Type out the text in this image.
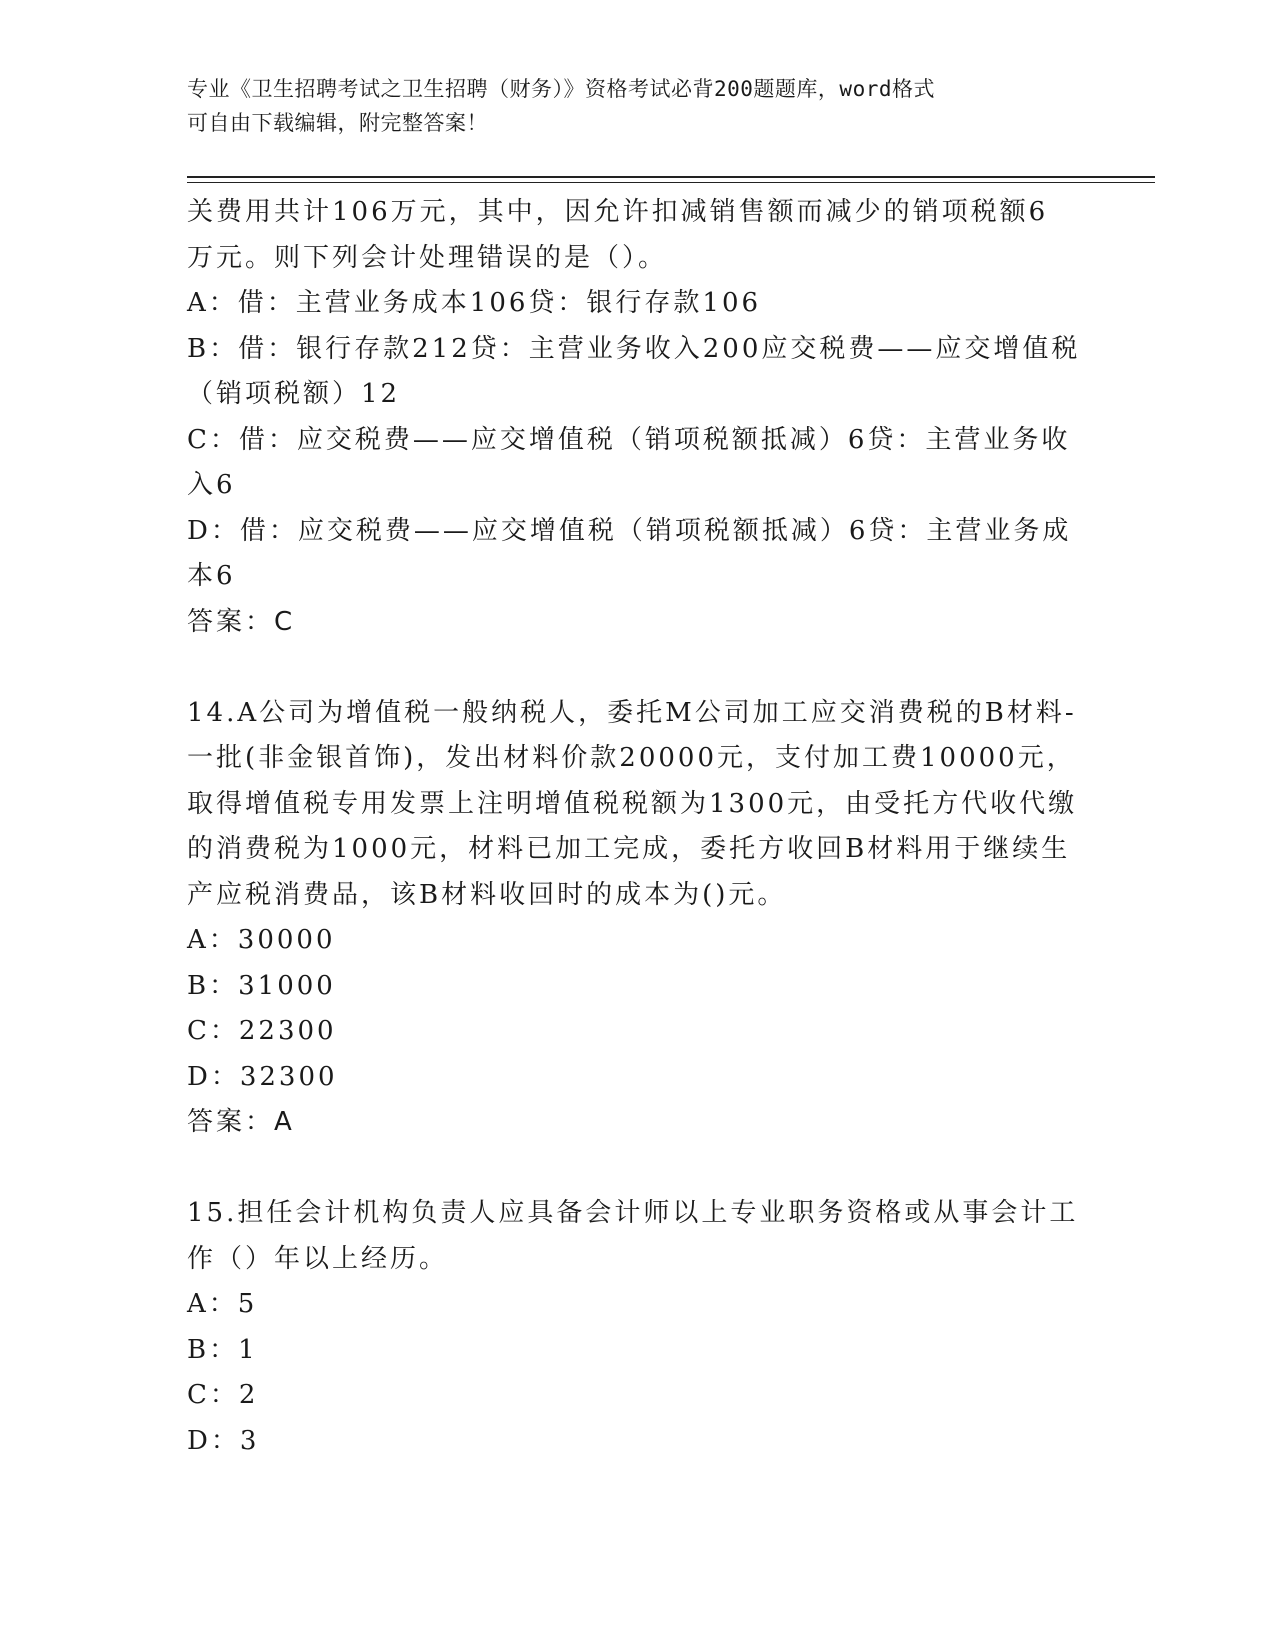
专业《卫生招聘考试之卫生招聘（财务）》资格考试必背200题题库，word格式
可自由下载编辑，附完整答案！

关费用共计106万元，其中，因允许扣减销售额而减少的销项税额6

万元。则下列会计处理错误的是（）。

A：借：主营业务成本106贷：银行存款106

B：借：银行存款212贷：主营业务收入200应交税费——应交增值税

（销项税额）12

C：借：应交税费——应交增值税（销项税额抵减）6贷：主营业务收

入6

D：借：应交税费——应交增值税（销项税额抵减）6贷：主营业务成

本6

答案：C

14.A公司为增值税一般纳税人，委托M公司加工应交消费税的B材料-

一批(非金银首饰)，发出材料价款20000元，支付加工费10000元，

取得增值税专用发票上注明增值税税额为1300元，由受托方代收代缴

的消费税为1000元，材料已加工完成，委托方收回B材料用于继续生

产应税消费品，该B材料收回时的成本为()元。

A：30000

B：31000

C：22300

D：32300

答案：A

15.担任会计机构负责人应具备会计师以上专业职务资格或从事会计工

作（）年以上经历。

A：5

B：1

C：2

D：3
